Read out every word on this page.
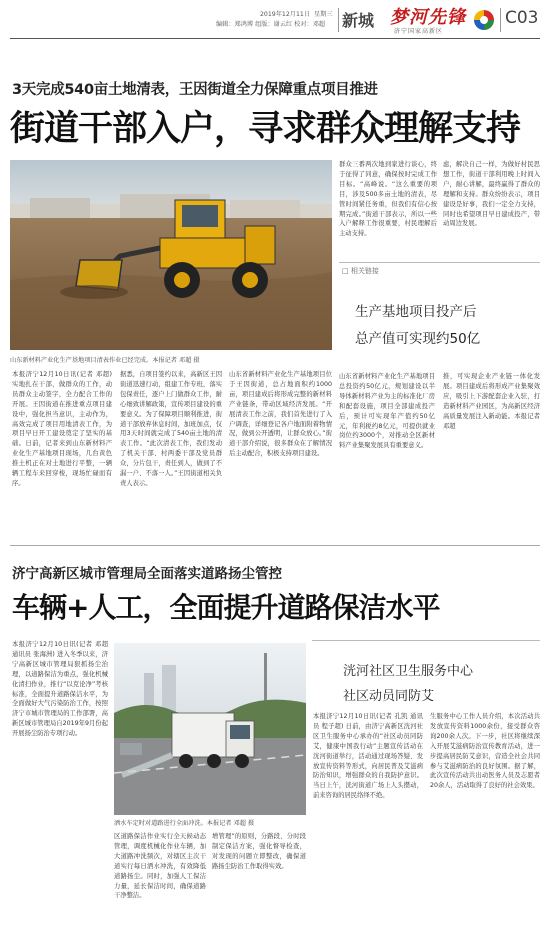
2019年12月11日 星期三
编辑：郑鸿博 组版：谢云红 校对：邓超 新城 梦河先锋
济宁国家高新区
C03
3天完成540亩土地清表，王因街道全力保障重点项目推进
街道干部入户，寻求群众理解支持
山东新材料产业化生产基地项目清表作业已经完成。本报记者 邓超 摄
群众三番两次地到家进行谈心，终于征得了同意，确保按时完成工作目标。“高峰说。“这么重要的项目，涉及500多亩土地的清表，尽管时间紧任务重，但我们有信心按期完成。”街道干部表示，所以一些入户解释工作很重要，村民理解后主动支持。
虑，解决自己一样，为做好村民思想工作，街道干部利用晚上时间入户，耐心讲解，最终赢得了群众的理解和支持。群众纷纷表示，项目建设是好事，我们一定全力支持，同时也希望项目早日建成投产，带动周边发展。
□ 相关链接
生产基地项目投产后
总产值可实现约50亿
本报济宁12月10日讯(记者 邓超) 实地扎在干部，做群众的工作，动员群众主动签字，全力配合工作的开展。王因街道在推进重点项目建设中，强化担当意识，主动作为，高效完成了项目用地清表工作，为项目早日开工建设奠定了坚实的基础。日前，记者来到山东新材料产业化生产基地项目现场，几台黄色推土机正在对土地进行平整，一辆辆工程车来回穿梭，现场忙碌而有序。
据悉，自项目签约以来，高新区王因街道迅速行动，组建工作专班，落实包保责任，逐户上门做群众工作，耐心细致讲解政策，宣传项目建设的重要意义。为了保障项目顺利推进，街道干部放弃休息时间，加班加点，仅用3天时间就完成了540亩土地的清表工作。“此次清表工作，我们发动了机关干部、村两委干部及党员群众，分片包干，责任到人，做到了不漏一户、不落一人。”王因街道相关负责人表示。
山东省新材料产业化生产基地项目位于王因街道，总占地面积约1000亩，项目建成后将形成完整的新材料产业链条，带动区域经济发展。“开展清表工作之前，我们首先进行了入户调查，详细登记各户地面附着物情况，做到公开透明，让群众放心。”街道干部介绍说，很多群众在了解情况后主动配合，积极支持项目建设。
山东省新材料产业化生产基地项目总投资约50亿元，规划建设以半导体新材料产业为主的标准化厂房和配套设施，项目全部建成投产后，预计可实现年产值约50亿元，年利税约8亿元，可提供就业岗位约3000个，对推动全区新材料产业集聚发展具有重要意义。
推，可实现企业产业链一体化发展。项目建成后将形成产业集聚效应，吸引上下游配套企业入驻，打造新材料产业园区，为高新区经济高质量发展注入新动能。本报记者 邓超
济宁高新区城市管理局全面落实道路扬尘管控
车辆+人工，全面提升道路保洁水平
本报济宁12月10日讯(记者 邓超 通讯员 张海洲) 进入冬季以来，济宁高新区城市管理局狠抓扬尘治理，以道路保洁为重点，强化机械化清扫作业，推行“以克论净”考核标准，全面提升道路保洁水平，为全面做好大气污染防治工作，按照济宁市城市管理局的工作部署，高新区城市管理局自2019年9月份起开展扬尘防治专项行动。
洒水车定时对道路进行全面冲洗。本报记者 邓超 摄
洸河社区卫生服务中心
社区动员同防艾
区道路保洁作业实行全天候动态管理，调度机械化作业车辆，加大道路冲洗频次，对辖区主次干道实行每日洒水冲洗，有效降低道路扬尘。同时，加强人工保洁力量，延长保洁时间，确保道路干净整洁。
增管理”的原则，分路段、分时段制定保洁方案，强化督导检查，对发现的问题立即整改，确保道路扬尘防治工作取得实效。
本报济宁12月10日讯(记者 孔凯 通讯员 程子超) 日前，由济宁高新区洸河社区卫生服务中心承办的“社区动员同防艾，健康中国我行动”主题宣传活动在洸河街道举行，活动通过现场答疑、发放宣传资料等形式，向居民普及艾滋病防治知识，增强群众的自我防护意识。当日上午，洸河街道广场上人头攒动，前来咨询的居民络绎不绝。
生服务中心工作人员介绍，本次活动共发放宣传资料1000余份，接受群众咨询200余人次。下一步，社区将继续深入开展艾滋病防治宣传教育活动，进一步提高居民防艾意识，营造全社会共同参与艾滋病防治的良好氛围。据了解，此次宣传活动共出动医务人员及志愿者20余人，活动取得了良好的社会效果。
